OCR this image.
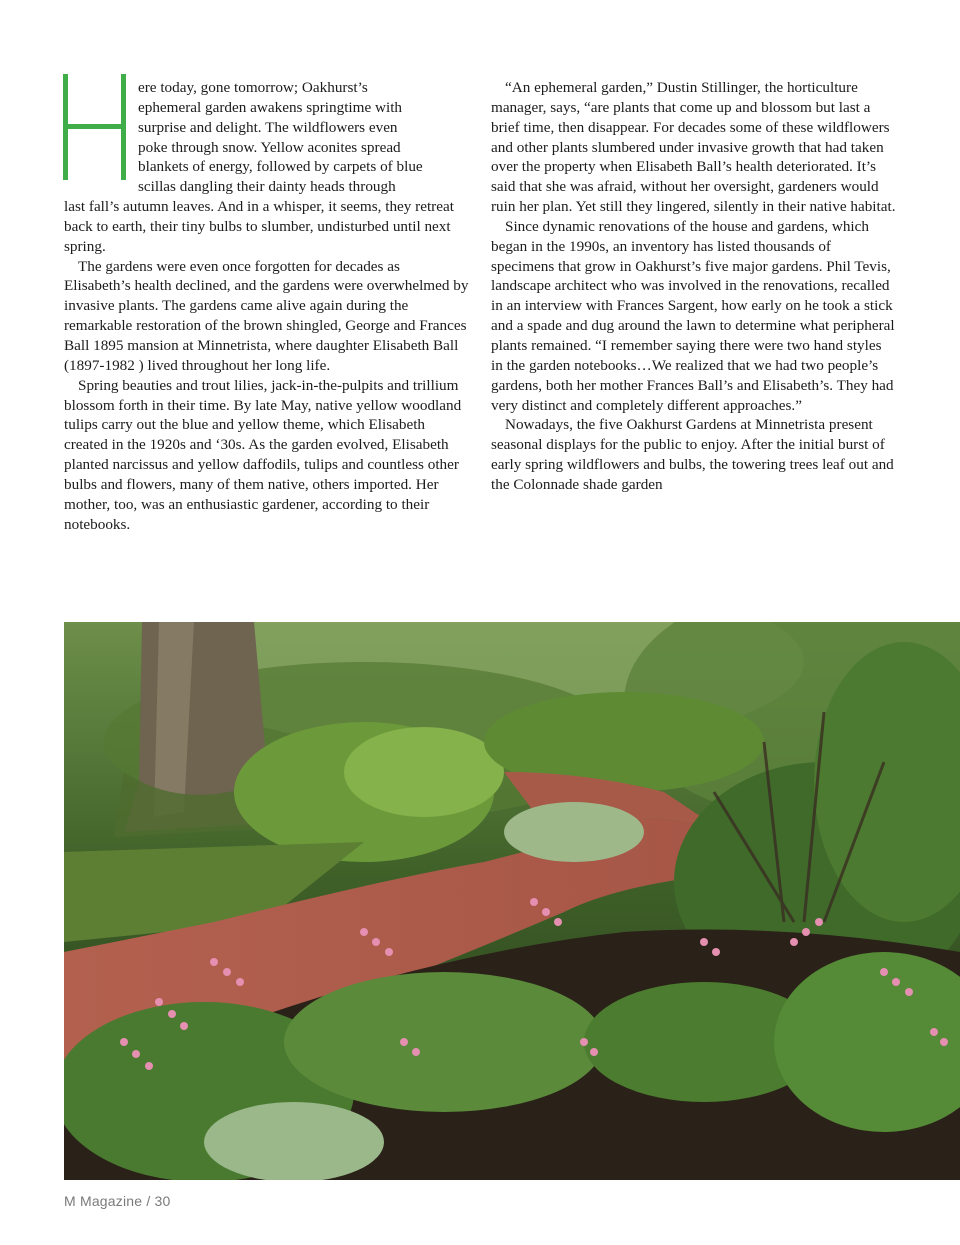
H

ere today, gone tomorrow; Oakhurst’s
ephemeral garden awakens springtime with
surprise and delight. The wildflowers even
poke through snow. Yellow aconites spread
blankets of energy, followed by carpets of blue
scillas dangling their dainty heads through
last fall’s autumn leaves. And in a whisper, it seems, they retreat back to earth, their tiny bulbs to slumber, undisturbed until next spring.

The gardens were even once forgotten for decades as Elisabeth’s health declined, and the gardens were overwhelmed by invasive plants. The gardens came alive again during the remarkable restoration of the brown shingled, George and Frances Ball 1895 mansion at Minnetrista, where daughter Elisabeth Ball (1897-1982 ) lived throughout her long life.

Spring beauties and trout lilies, jack-in-the-pulpits and trillium blossom forth in their time. By late May, native yellow woodland tulips carry out the blue and yellow theme, which Elisabeth created in the 1920s and ‘30s. As the garden evolved, Elisabeth planted narcissus and yellow daffodils, tulips and countless other bulbs and flowers, many of them native, others imported. Her mother, too, was an enthusiastic gardener, according to their notebooks.

“An ephemeral garden,” Dustin Stillinger, the horticulture manager, says, “are plants that come up and blossom but last a brief time, then disappear. For decades some of these wildflowers and other plants slumbered under invasive growth that had taken over the property when Elisabeth Ball’s health deteriorated. It’s said that she was afraid, without her oversight, gardeners would ruin her plan. Yet still they lingered, silently in their native habitat.

Since dynamic renovations of the house and gardens, which began in the 1990s, an inventory has listed thousands of specimens that grow in Oakhurst’s five major gardens. Phil Tevis, landscape architect who was involved in the renovations, recalled in an interview with Frances Sargent, how early on he took a stick and a spade and dug around the lawn to determine what peripheral plants remained. “I remember saying there were two hand styles in the garden notebooks…We realized that we had two people’s gardens, both her mother Frances Ball’s and Elisabeth’s. They had very distinct and completely different approaches.”

Nowadays, the five Oakhurst Gardens at Minnetrista present seasonal displays for the public to enjoy. After the initial burst of early spring wildflowers and bulbs, the towering trees leaf out and the Colonnade shade garden

M Magazine / 30
